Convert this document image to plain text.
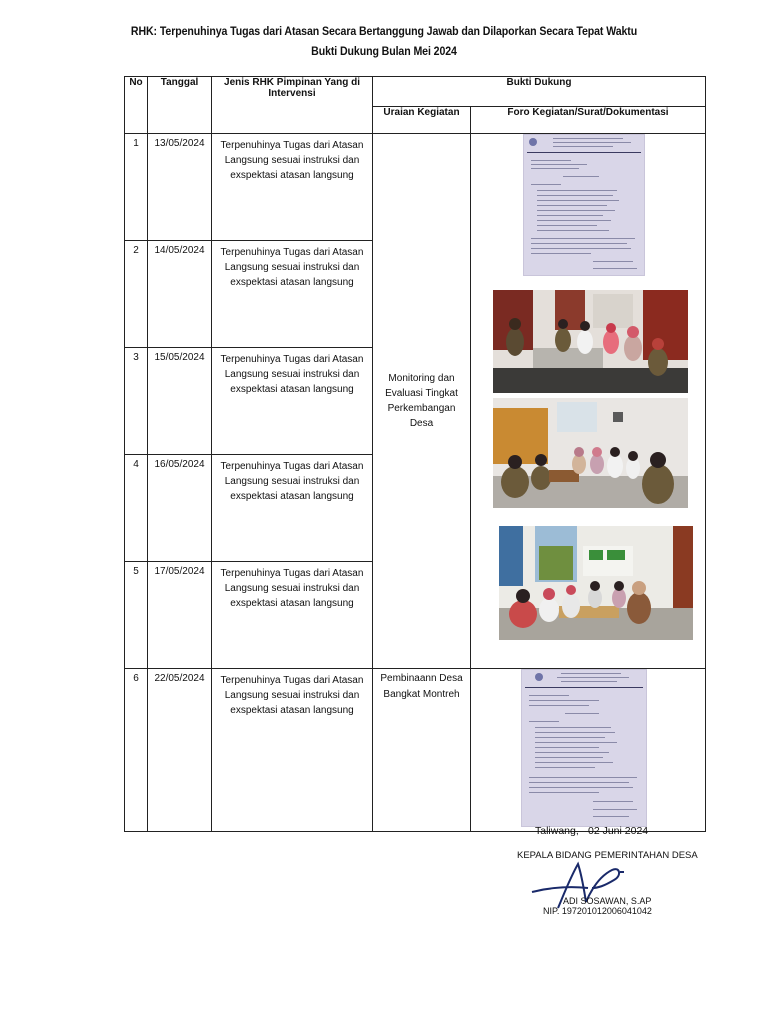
RHK: Terpenuhinya Tugas dari Atasan Secara Bertanggung Jawab dan Dilaporkan Secara Tepat Waktu
Bukti Dukung Bulan Mei 2024
No	Tanggal	Jenis RHK Pimpinan Yang di Intervensi	Bukti Dukung	
			Uraian Kegiatan	Foro Kegiatan/Surat/Dokumentasi
1	13/05/2024	Terpenuhinya Tugas dari Atasan Langsung sesuai instruksi dan exspektasi atasan langsung	Monitoring dan Evaluasi Tingkat Perkembangan Desa	

2	14/05/2024	Terpenuhinya Tugas dari Atasan Langsung sesuai instruksi dan exspektasi atasan langsung		
3	15/05/2024	Terpenuhinya Tugas dari Atasan Langsung sesuai instruksi dan exspektasi atasan langsung		
4	16/05/2024	Terpenuhinya Tugas dari Atasan Langsung sesuai instruksi dan exspektasi atasan langsung		
5	17/05/2024	Terpenuhinya Tugas dari Atasan Langsung sesuai instruksi dan exspektasi atasan langsung		
6	22/05/2024	Terpenuhinya Tugas dari Atasan Langsung sesuai instruksi dan exspektasi atasan langsung	Pembinaann Desa Bangkat Montreh	
Taliwang, 02 Juni 2024
KEPALA BIDANG PEMERINTAHAN DESA
ADI SOSAWAN, S.AP
NIP. 197201012006041042
